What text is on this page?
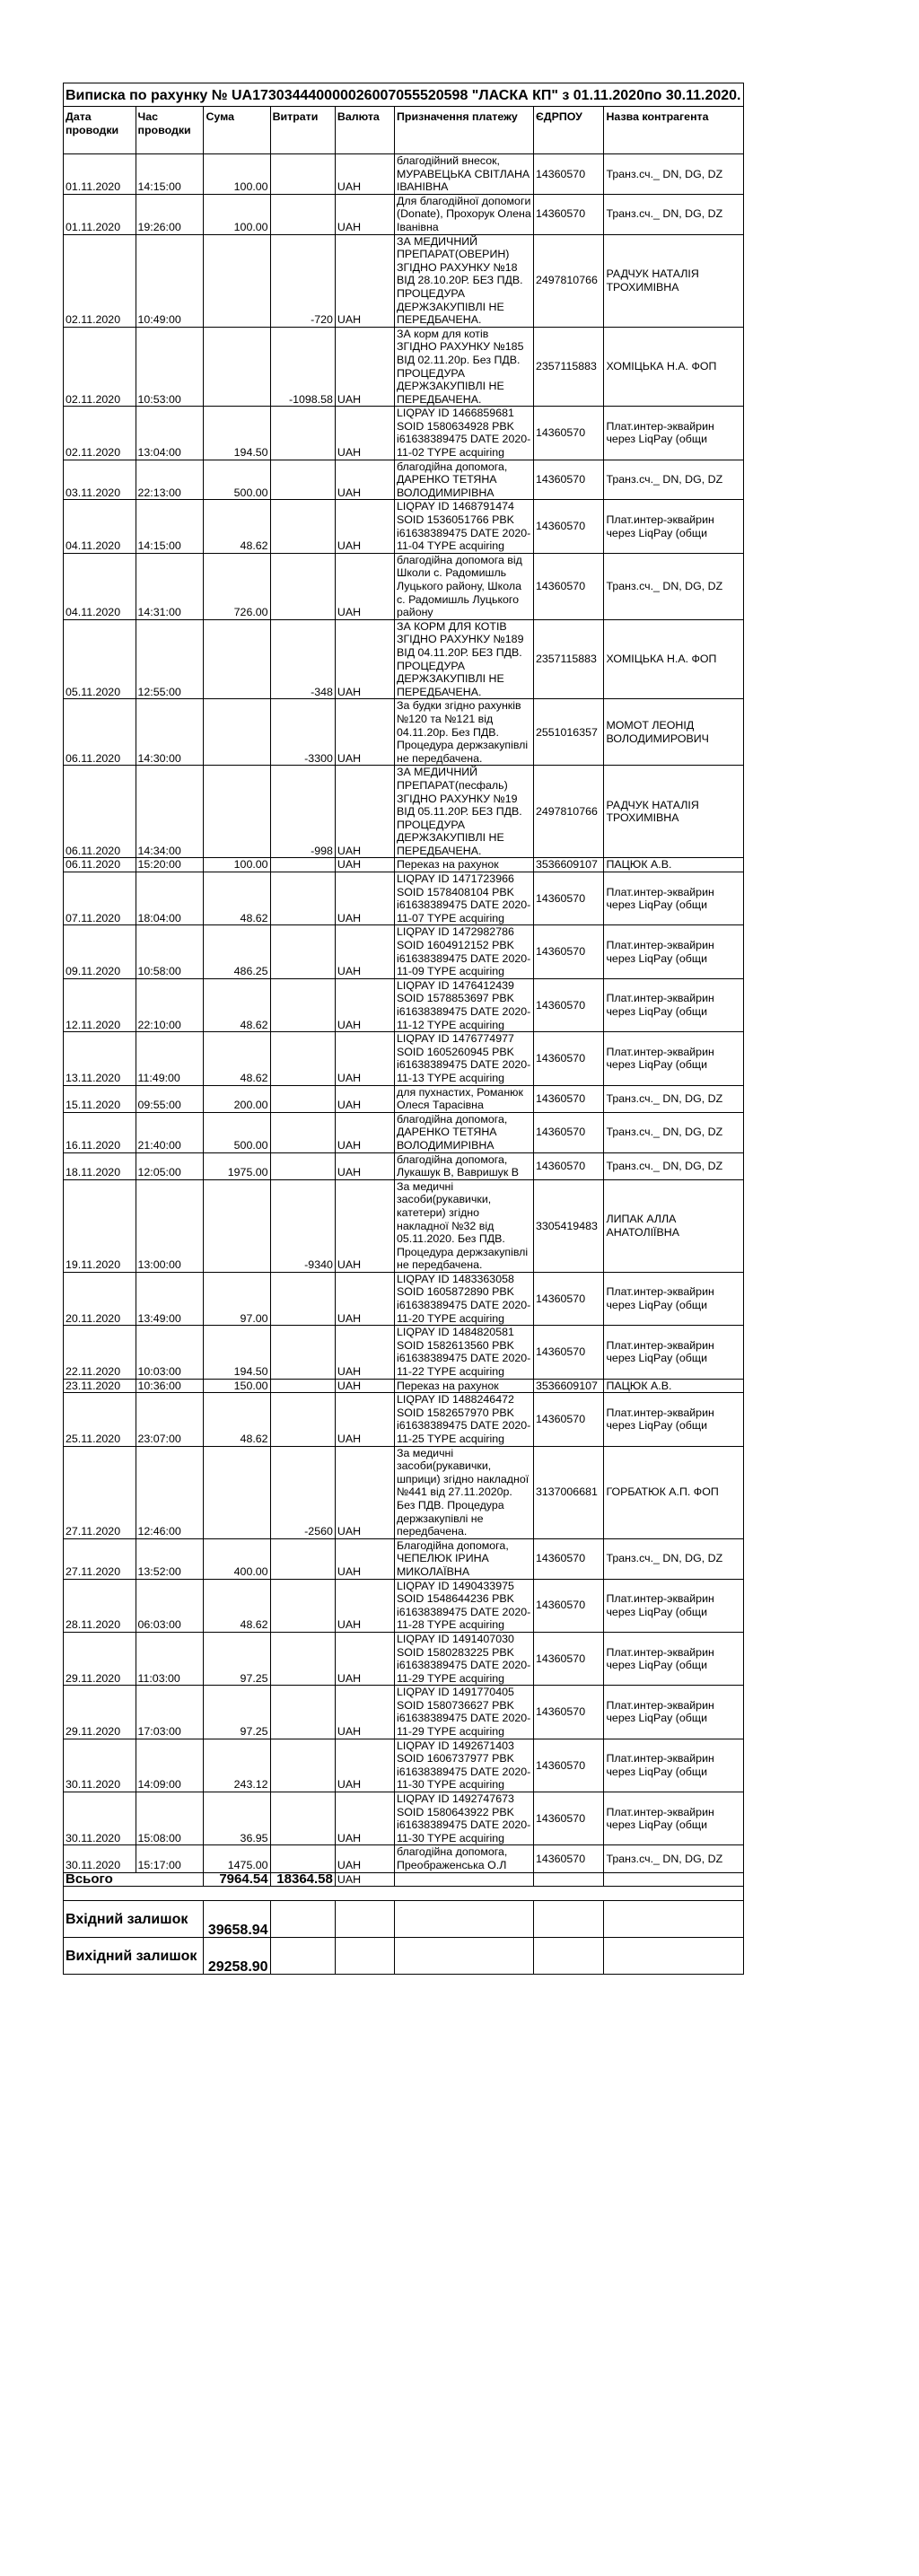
Виписка по рахунку № UA173034440000026007055520598 "ЛАСКА КП" з 01.11.2020по 30.11.2020.							
Дата проводки	Час проводки	Сума	Витрати	Валюта	Призначення платежу	ЄДРПОУ	Назва контрагента
01.11.2020	14:15:00	100.00		UAH	благодійний внесок, МУРАВЕЦЬКА СВІТЛАНА ІВАНІВНА	14360570	Транз.сч._ DN, DG, DZ
01.11.2020	19:26:00	100.00		UAH	Для благодійної допомоги (Donate), Прохорук Олена Іванівна	14360570	Транз.сч._ DN, DG, DZ
02.11.2020	10:49:00		-720	UAH	ЗА МЕДИЧНИЙ ПРЕПАРАТ(ОВЕРИН) ЗГІДНО РАХУНКУ №18 ВІД 28.10.20Р. БЕЗ ПДВ. ПРОЦЕДУРА ДЕРЖЗАКУПІВЛІ НЕ ПЕРЕДБАЧЕНА.	2497810766	РАДЧУК НАТАЛІЯ ТРОХИМІВНА
02.11.2020	10:53:00		-1098.58	UAH	ЗА корм для котів ЗГІДНО РАХУНКУ №185 ВІД 02.11.20р. Без ПДВ. ПРОЦЕДУРА ДЕРЖЗАКУПІВЛІ НЕ ПЕРЕДБАЧЕНА.	2357115883	ХОМІЦЬКА Н.А. ФОП
02.11.2020	13:04:00	194.50		UAH	LIQPAY ID 1466859681 SOID 1580634928 PBK i61638389475 DATE 2020-11-02 TYPE acquiring	14360570	Плат.интер-эквайрин через LiqPay (общи
03.11.2020	22:13:00	500.00		UAH	благодійна допомога, ДАРЕНКО ТЕТЯНА ВОЛОДИМИРІВНА	14360570	Транз.сч._ DN, DG, DZ
04.11.2020	14:15:00	48.62		UAH	LIQPAY ID 1468791474 SOID 1536051766 PBK i61638389475 DATE 2020-11-04 TYPE acquiring	14360570	Плат.интер-эквайрин через LiqPay (общи
04.11.2020	14:31:00	726.00		UAH	благодійна допомога від Школи с. Радомишль Луцького району, Школа с. Радомишль Луцького району	14360570	Транз.сч._ DN, DG, DZ
05.11.2020	12:55:00		-348	UAH	ЗА КОРМ ДЛЯ КОТІВ ЗГІДНО РАХУНКУ №189 ВІД 04.11.20Р. БЕЗ ПДВ. ПРОЦЕДУРА ДЕРЖЗАКУПІВЛІ НЕ ПЕРЕДБАЧЕНА.	2357115883	ХОМІЦЬКА Н.А. ФОП
06.11.2020	14:30:00		-3300	UAH	За будки згідно рахунків №120 та №121 від 04.11.20р. Без ПДВ. Процедура держзакупівлі не передбачена.	2551016357	МОМОТ ЛЕОНІД ВОЛОДИМИРОВИЧ
06.11.2020	14:34:00		-998	UAH	ЗА МЕДИЧНИЙ ПРЕПАРАТ(песфаль) ЗГІДНО РАХУНКУ №19 ВІД 05.11.20Р. БЕЗ ПДВ. ПРОЦЕДУРА ДЕРЖЗАКУПІВЛІ НЕ ПЕРЕДБАЧЕНА.	2497810766	РАДЧУК НАТАЛІЯ ТРОХИМІВНА
06.11.2020	15:20:00	100.00		UAH	Переказ на рахунок	3536609107	ПАЦЮК А.В.
07.11.2020	18:04:00	48.62		UAH	LIQPAY ID 1471723966 SOID 1578408104 PBK i61638389475 DATE 2020-11-07 TYPE acquiring	14360570	Плат.интер-эквайрин через LiqPay (общи
09.11.2020	10:58:00	486.25		UAH	LIQPAY ID 1472982786 SOID 1604912152 PBK i61638389475 DATE 2020-11-09 TYPE acquiring	14360570	Плат.интер-эквайрин через LiqPay (общи
12.11.2020	22:10:00	48.62		UAH	LIQPAY ID 1476412439 SOID 1578853697 PBK i61638389475 DATE 2020-11-12 TYPE acquiring	14360570	Плат.интер-эквайрин через LiqPay (общи
13.11.2020	11:49:00	48.62		UAH	LIQPAY ID 1476774977 SOID 1605260945 PBK i61638389475 DATE 2020-11-13 TYPE acquiring	14360570	Плат.интер-эквайрин через LiqPay (общи
15.11.2020	09:55:00	200.00		UAH	для пухнастих, Романюк Олеся Тарасівна	14360570	Транз.сч._ DN, DG, DZ
16.11.2020	21:40:00	500.00		UAH	благодійна допомога, ДАРЕНКО ТЕТЯНА ВОЛОДИМИРІВНА	14360570	Транз.сч._ DN, DG, DZ
18.11.2020	12:05:00	1975.00		UAH	благодійна допомога, Лукашук В, Вавришук В	14360570	Транз.сч._ DN, DG, DZ
19.11.2020	13:00:00		-9340	UAH	За медичні засоби(рукавички, катетери) згідно накладної №32 від 05.11.2020. Без ПДВ. Процедура держзакупівлі не передбачена.	3305419483	ЛИПАК АЛЛА АНАТОЛІЇВНА
20.11.2020	13:49:00	97.00		UAH	LIQPAY ID 1483363058 SOID 1605872890 PBK i61638389475 DATE 2020-11-20 TYPE acquiring	14360570	Плат.интер-эквайрин через LiqPay (общи
22.11.2020	10:03:00	194.50		UAH	LIQPAY ID 1484820581 SOID 1582613560 PBK i61638389475 DATE 2020-11-22 TYPE acquiring	14360570	Плат.интер-эквайрин через LiqPay (общи
23.11.2020	10:36:00	150.00		UAH	Переказ на рахунок	3536609107	ПАЦЮК А.В.
25.11.2020	23:07:00	48.62		UAH	LIQPAY ID 1488246472 SOID 1582657970 PBK i61638389475 DATE 2020-11-25 TYPE acquiring	14360570	Плат.интер-эквайрин через LiqPay (общи
27.11.2020	12:46:00		-2560	UAH	За медичні засоби(рукавички, шприци) згідно накладної №441 від 27.11.2020р. Без ПДВ. Процедура держзакупівлі не передбачена.	3137006681	ГОРБАТЮК А.П. ФОП
27.11.2020	13:52:00	400.00		UAH	Благодійна допомога, ЧЕПЕЛЮК ІРИНА МИКОЛАЇВНА	14360570	Транз.сч._ DN, DG, DZ
28.11.2020	06:03:00	48.62		UAH	LIQPAY ID 1490433975 SOID 1548644236 PBK i61638389475 DATE 2020-11-28 TYPE acquiring	14360570	Плат.интер-эквайрин через LiqPay (общи
29.11.2020	11:03:00	97.25		UAH	LIQPAY ID 1491407030 SOID 1580283225 PBK i61638389475 DATE 2020-11-29 TYPE acquiring	14360570	Плат.интер-эквайрин через LiqPay (общи
29.11.2020	17:03:00	97.25		UAH	LIQPAY ID 1491770405 SOID 1580736627 PBK i61638389475 DATE 2020-11-29 TYPE acquiring	14360570	Плат.интер-эквайрин через LiqPay (общи
30.11.2020	14:09:00	243.12		UAH	LIQPAY ID 1492671403 SOID 1606737977 PBK i61638389475 DATE 2020-11-30 TYPE acquiring	14360570	Плат.интер-эквайрин через LiqPay (общи
30.11.2020	15:08:00	36.95		UAH	LIQPAY ID 1492747673 SOID 1580643922 PBK i61638389475 DATE 2020-11-30 TYPE acquiring	14360570	Плат.интер-эквайрин через LiqPay (общи
30.11.2020	15:17:00	1475.00		UAH	благодійна допомога, Преображенська О.Л	14360570	Транз.сч._ DN, DG, DZ
Всього		7964.54	18364.58	UAH			

Вхідний залишок		39658.94					
Вихідний залишок		29258.90					
